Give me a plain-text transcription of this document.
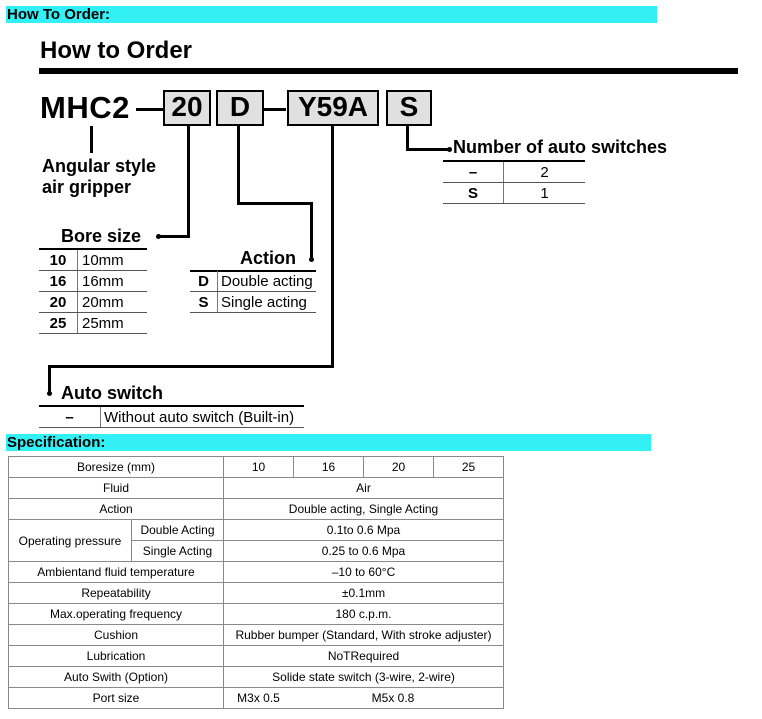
How To Order:
How to Order
MHC2	20 D	Y59A	S
Angular style
air gripper
Number of auto switches
–	2
S	1
Bore size
10	10mm
16	16mm
20	20mm
25	25mm
Action
D	Double acting
S	Single acting
Auto switch
–	Without auto switch (Built-in)
Specification:
Boresize (mm)		10	16	20	25
Fluid		Air			
Action		Double acting, Single Acting			
Operating pressure	Double Acting	0.1to 0.6 Mpa			
	Single Acting	0.25 to 0.6 Mpa			
Ambientand fluid temperature		–10 to 60°C			
Repeatability		±0.1mm			
Max.operating frequency		180 c.p.m.			
Cushion		Rubber bumper (Standard, With stroke adjuster)			
Lubrication		NoTRequired			
Auto Swith (Option)		Solide state switch (3-wire, 2-wire)			
Port size		M3x 0.5 M5x 0.8			
